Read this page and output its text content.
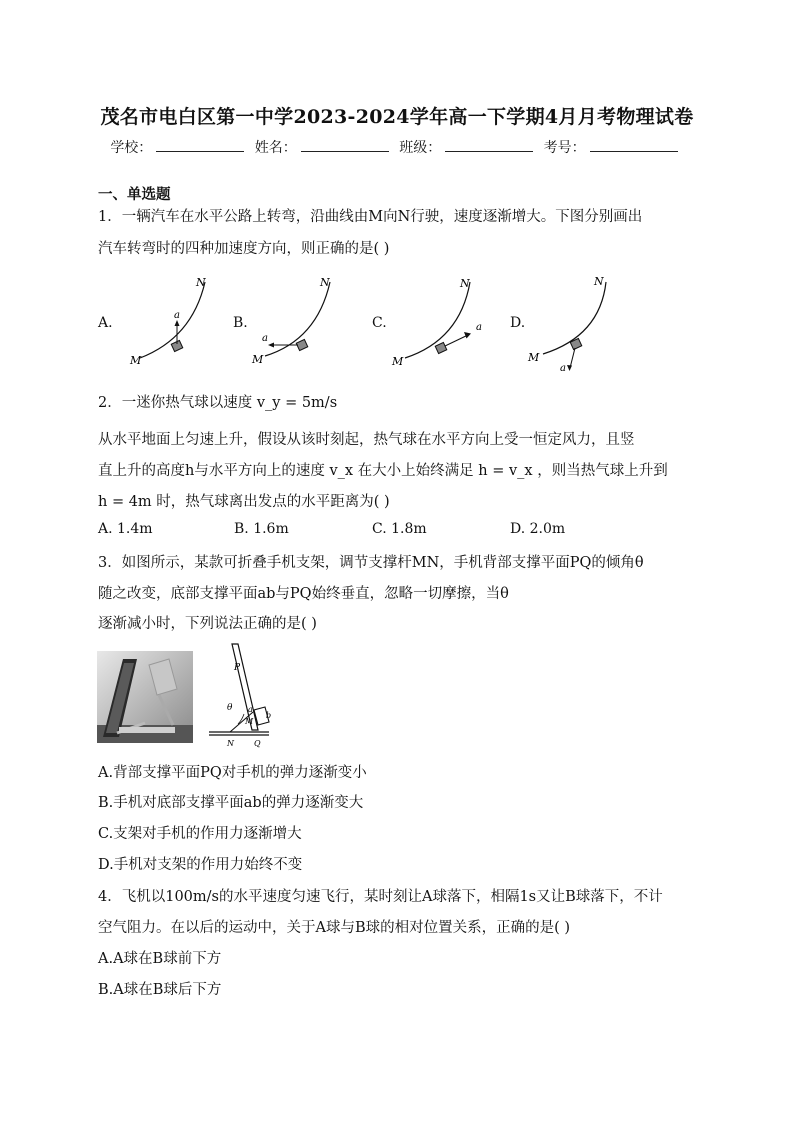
茂名市电白区第一中学2023-2024学年高一下学期4月月考物理试卷
学校：	姓名：	班级：	考号：
一、单选题
1．一辆汽车在水平公路上转弯，沿曲线由M向N行驶，速度逐渐增大。下图分别画出
汽车转弯时的四种加速度方向，则正确的是( )
A.	B.	C.	D.
a
N
M
a
N
M
a
N
M
a
N
M
2．一迷你热气球以速度 v_y = 5m/s
从水平地面上匀速上升，假设从该时刻起，热气球在水平方向上受一恒定风力，且竖
直上升的高度h与水平方向上的速度 v_x 在大小上始终满足 h = v_x ，则当热气球上升到
h = 4m 时，热气球离出发点的水平距离为( )
A. 1.4m	B. 1.6m	C. 1.8m	D. 2.0m
3．如图所示，某款可折叠手机支架，调节支撑杆MN，手机背部支撑平面PQ的倾角θ
随之改变，底部支撑平面ab与PQ始终垂直，忽略一切摩擦，当θ
逐渐减小时，下列说法正确的是( )
P
θ a
b
M
N	Q
A.背部支撑平面PQ对手机的弹力逐渐变小
B.手机对底部支撑平面ab的弹力逐渐变大
C.支架对手机的作用力逐渐增大
D.手机对支架的作用力始终不变
4．飞机以100m/s的水平速度匀速飞行，某时刻让A球落下，相隔1s又让B球落下，不计
空气阻力。在以后的运动中，关于A球与B球的相对位置关系，正确的是( )
A.A球在B球前下方
B.A球在B球后下方
